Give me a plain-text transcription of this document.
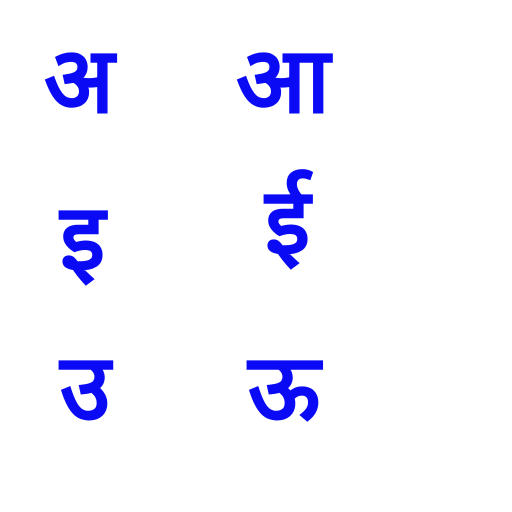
अ आ
इ ई
उ ऊ
